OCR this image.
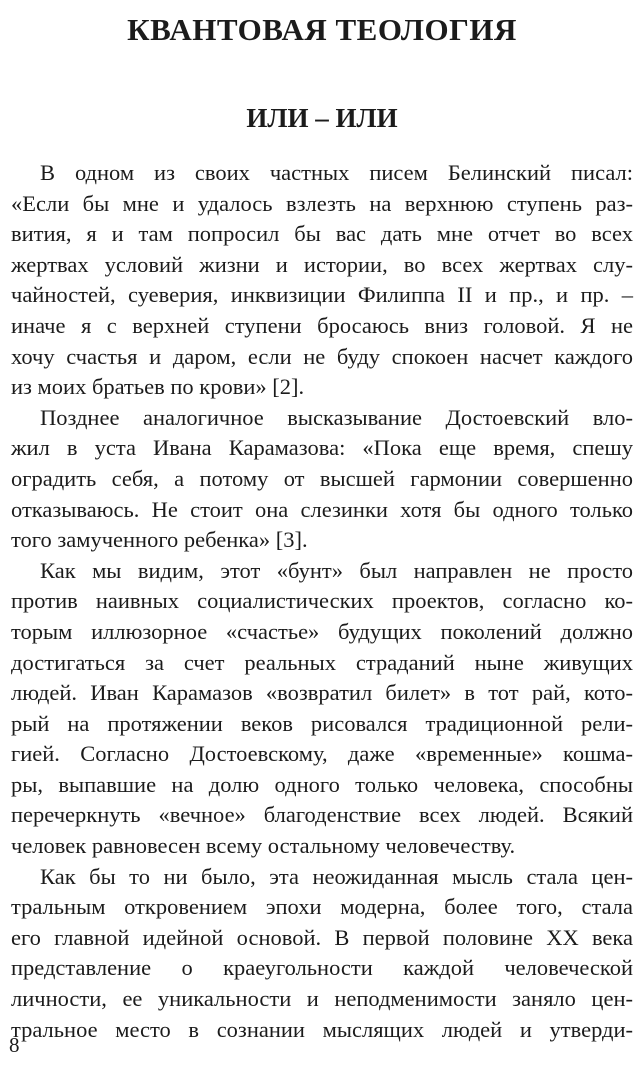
КВАНТОВАЯ ТЕОЛОГИЯ
ИЛИ – ИЛИ
В одном из своих частных писем Белинский писал:
«Если бы мне и удалось взлезть на верхнюю ступень раз-
вития, я и там попросил бы вас дать мне отчет во всех
жертвах условий жизни и истории, во всех жертвах слу-
чайностей, суеверия, инквизиции Филиппа II и пр., и пр. –
иначе я с верхней ступени бросаюсь вниз головой. Я не
хочу счастья и даром, если не буду спокоен насчет каждого
из моих братьев по крови» [2].
Позднее аналогичное высказывание Достоевский вло-
жил в уста Ивана Карамазова: «Пока еще время, спешу
оградить себя, а потому от высшей гармонии совершенно
отказываюсь. Не стоит она слезинки хотя бы одного только
того замученного ребенка» [3].
Как мы видим, этот «бунт» был направлен не просто
против наивных социалистических проектов, согласно ко-
торым иллюзорное «счастье» будущих поколений должно
достигаться за счет реальных страданий ныне живущих
людей. Иван Карамазов «возвратил билет» в тот рай, кото-
рый на протяжении веков рисовался традиционной рели-
гией. Согласно Достоевскому, даже «временные» кошма-
ры, выпавшие на долю одного только человека, способны
перечеркнуть «вечное» благоденствие всех людей. Всякий
человек равновесен всему остальному человечеству.
Как бы то ни было, эта неожиданная мысль стала цен-
тральным откровением эпохи модерна, более того, стала
его главной идейной основой. В первой половине XX века
представление о краеугольности каждой человеческой
личности, ее уникальности и неподменимости заняло цен-
тральное место в сознании мыслящих людей и утверди-
8
